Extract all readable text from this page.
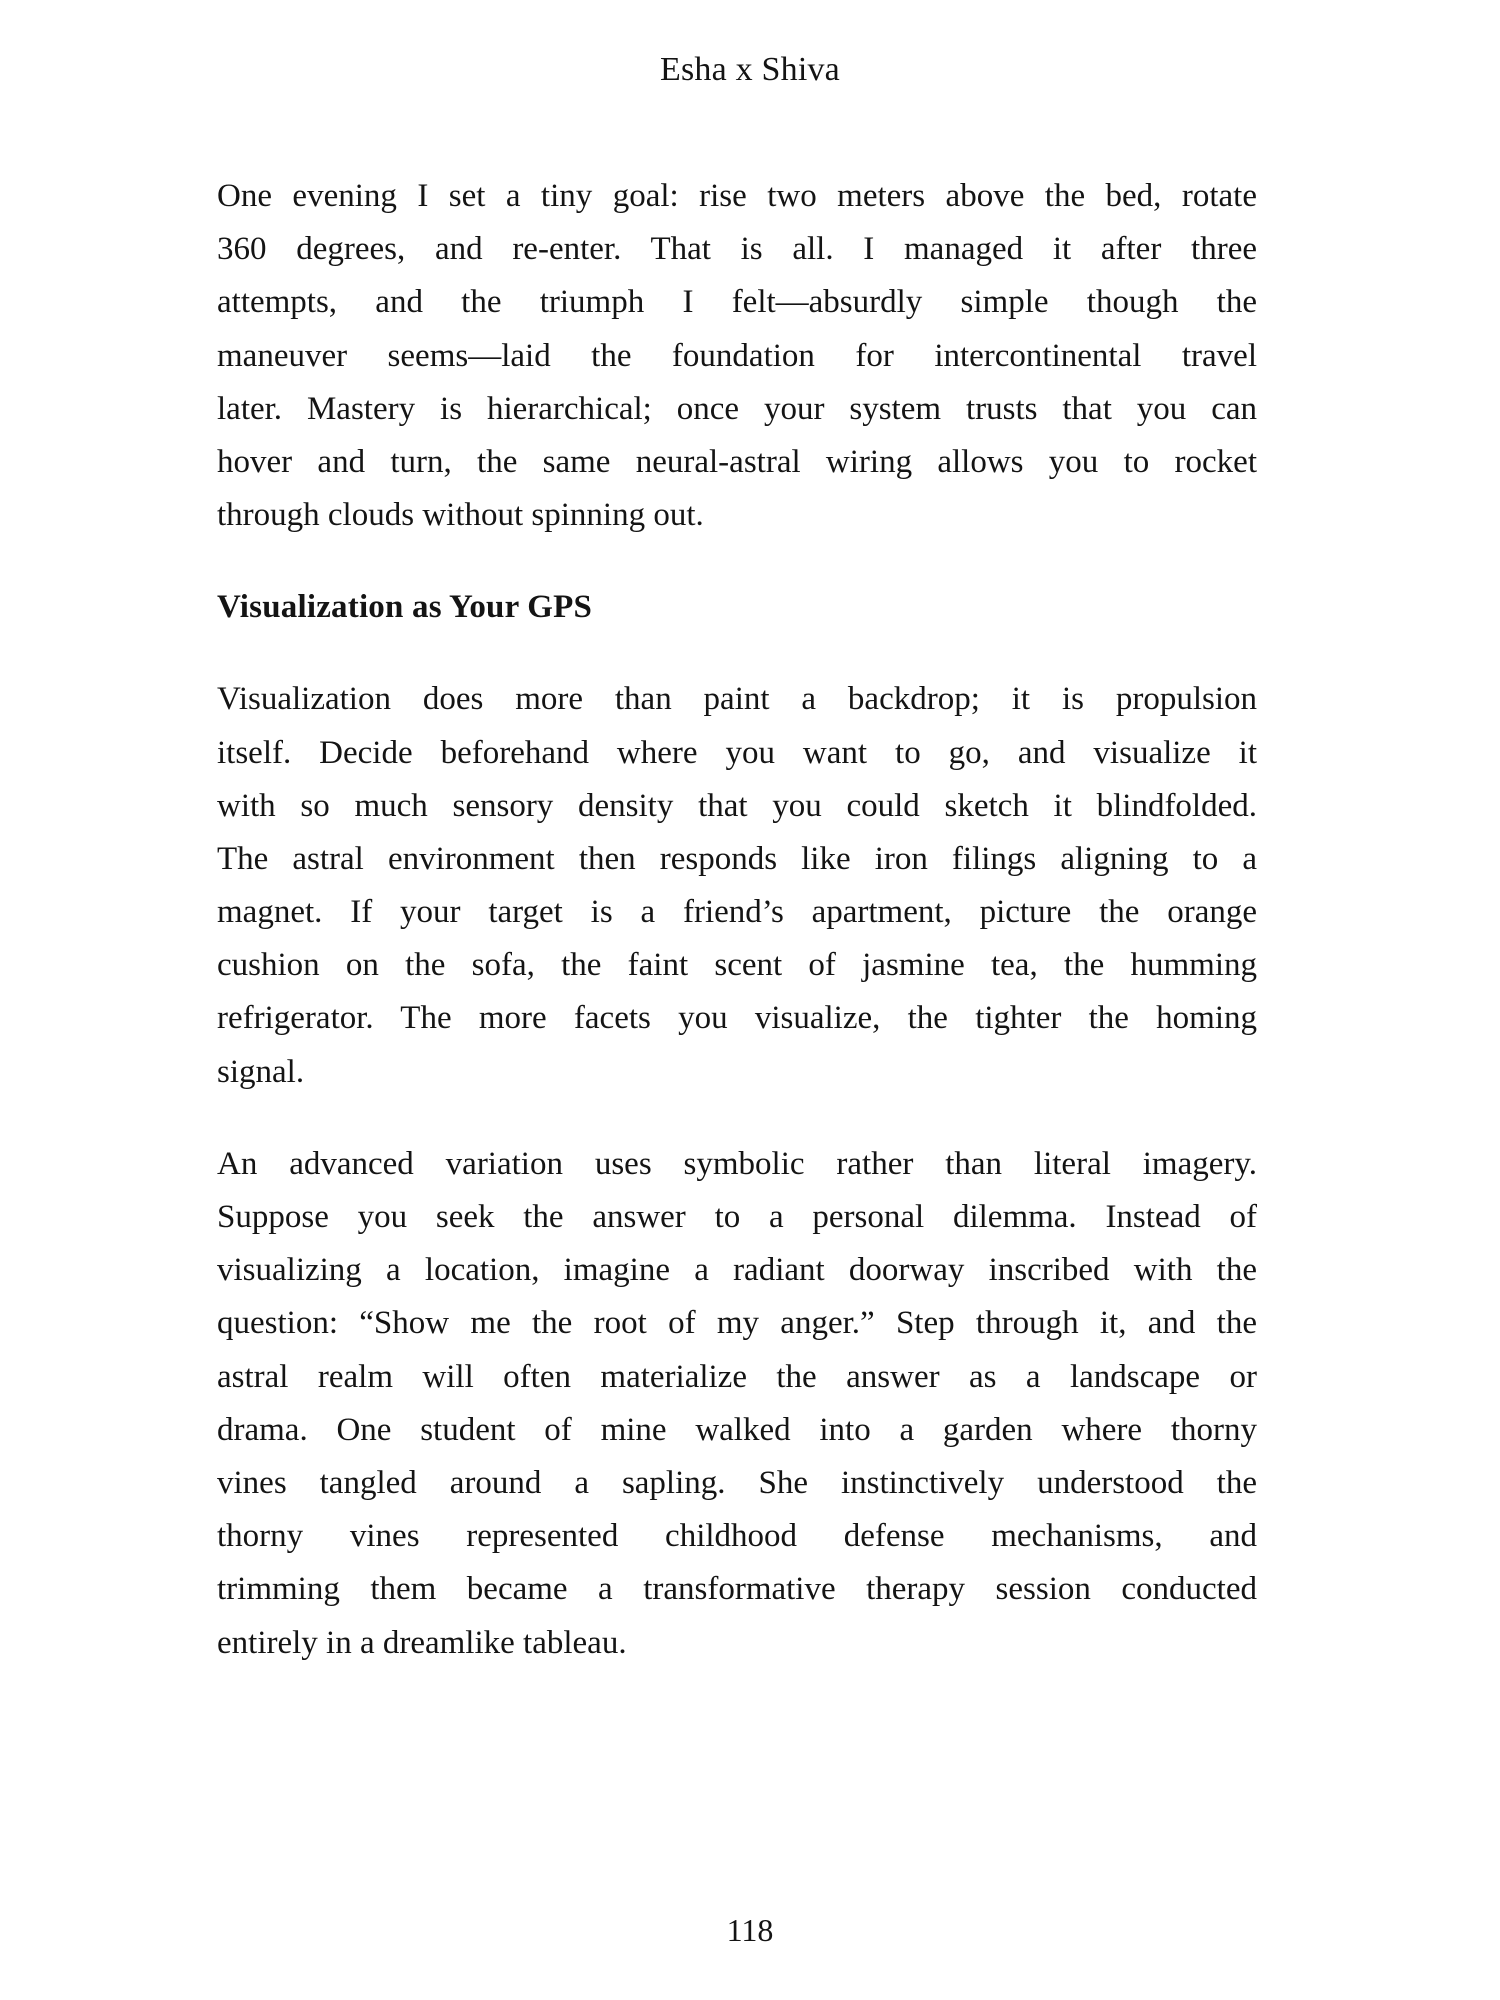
Esha x Shiva
One evening I set a tiny goal: rise two meters above the bed, rotate
360 degrees, and re-enter. That is all. I managed it after three
attempts, and the triumph I felt—absurdly simple though the
maneuver seems—laid the foundation for intercontinental travel
later. Mastery is hierarchical; once your system trusts that you can
hover and turn, the same neural-astral wiring allows you to rocket
through clouds without spinning out.
Visualization as Your GPS
Visualization does more than paint a backdrop; it is propulsion
itself. Decide beforehand where you want to go, and visualize it
with so much sensory density that you could sketch it blindfolded.
The astral environment then responds like iron filings aligning to a
magnet. If your target is a friend’s apartment, picture the orange
cushion on the sofa, the faint scent of jasmine tea, the humming
refrigerator. The more facets you visualize, the tighter the homing
signal.
An advanced variation uses symbolic rather than literal imagery.
Suppose you seek the answer to a personal dilemma. Instead of
visualizing a location, imagine a radiant doorway inscribed with the
question: “Show me the root of my anger.” Step through it, and the
astral realm will often materialize the answer as a landscape or
drama. One student of mine walked into a garden where thorny
vines tangled around a sapling. She instinctively understood the
thorny vines represented childhood defense mechanisms, and
trimming them became a transformative therapy session conducted
entirely in a dreamlike tableau.
118
